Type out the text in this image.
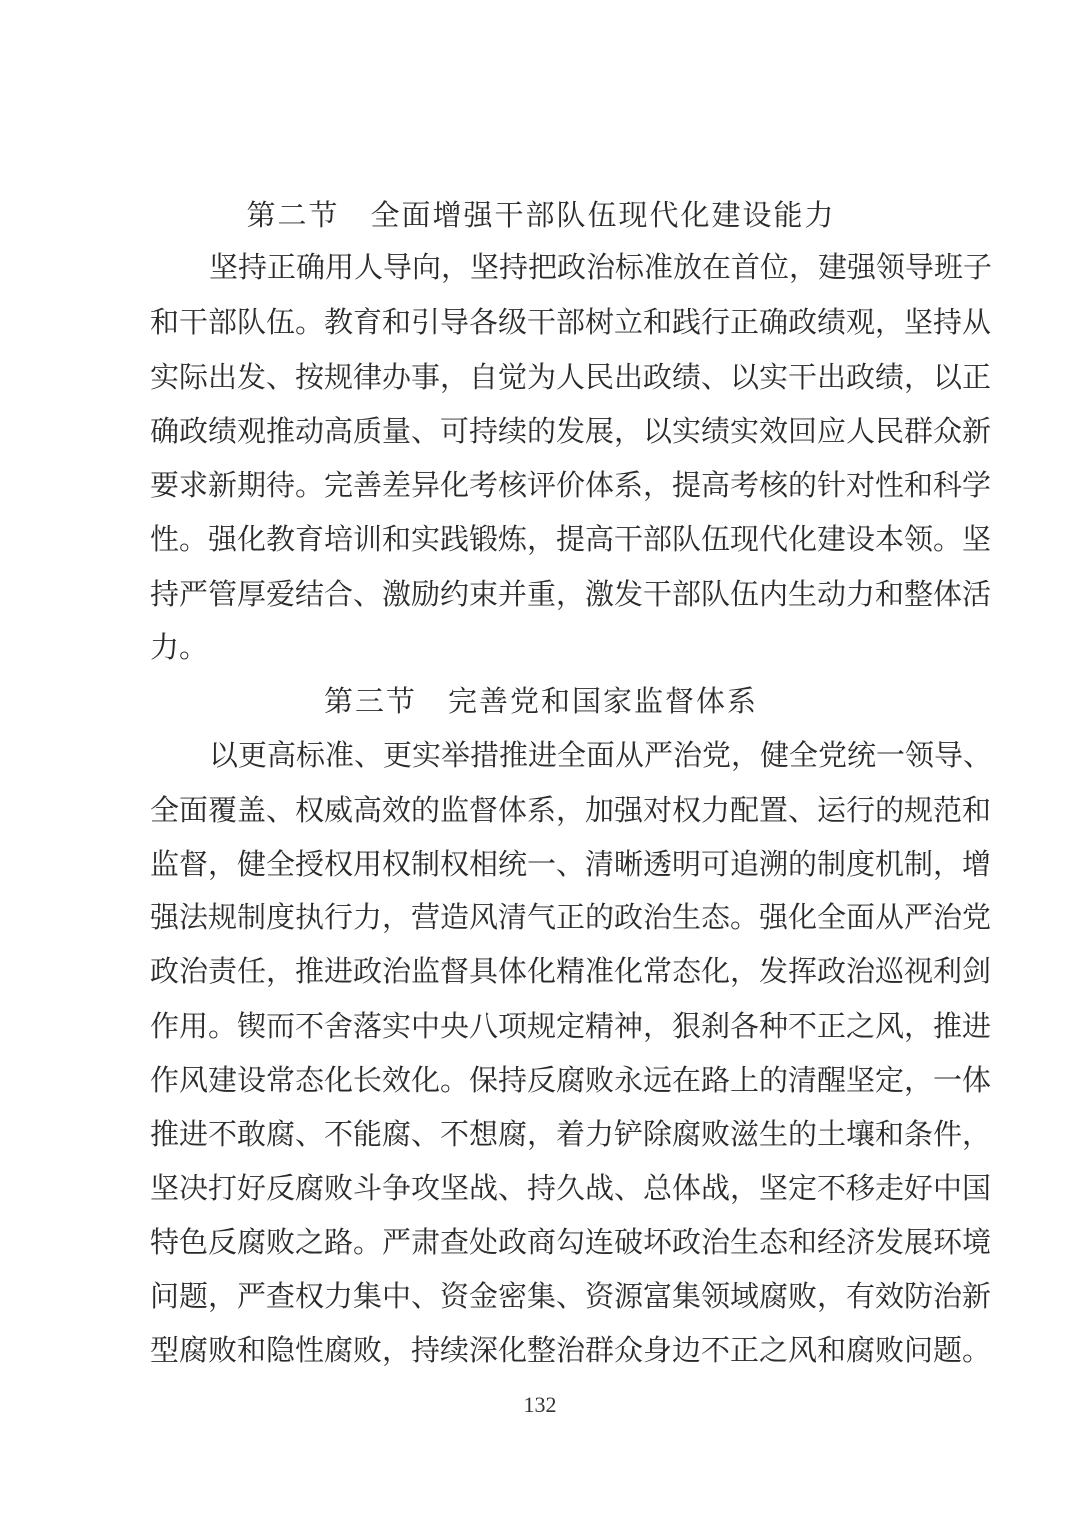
第二节　全面增强干部队伍现代化建设能力

坚持正确用人导向，坚持把政治标准放在首位，建强领导班子

和干部队伍。教育和引导各级干部树立和践行正确政绩观，坚持从

实际出发、按规律办事，自觉为人民出政绩、以实干出政绩，以正

确政绩观推动高质量、可持续的发展，以实绩实效回应人民群众新

要求新期待。完善差异化考核评价体系，提高考核的针对性和科学

性。强化教育培训和实践锻炼，提高干部队伍现代化建设本领。坚

持严管厚爱结合、激励约束并重，激发干部队伍内生动力和整体活

力。

第三节　完善党和国家监督体系

以更高标准、更实举措推进全面从严治党，健全党统一领导、

全面覆盖、权威高效的监督体系，加强对权力配置、运行的规范和

监督，健全授权用权制权相统一、清晰透明可追溯的制度机制，增

强法规制度执行力，营造风清气正的政治生态。强化全面从严治党

政治责任，推进政治监督具体化精准化常态化，发挥政治巡视利剑

作用。锲而不舍落实中央八项规定精神，狠刹各种不正之风，推进

作风建设常态化长效化。保持反腐败永远在路上的清醒坚定，一体

推进不敢腐、不能腐、不想腐，着力铲除腐败滋生的土壤和条件，

坚决打好反腐败斗争攻坚战、持久战、总体战，坚定不移走好中国

特色反腐败之路。严肃查处政商勾连破坏政治生态和经济发展环境

问题，严查权力集中、资金密集、资源富集领域腐败，有效防治新

型腐败和隐性腐败，持续深化整治群众身边不正之风和腐败问题。

132
